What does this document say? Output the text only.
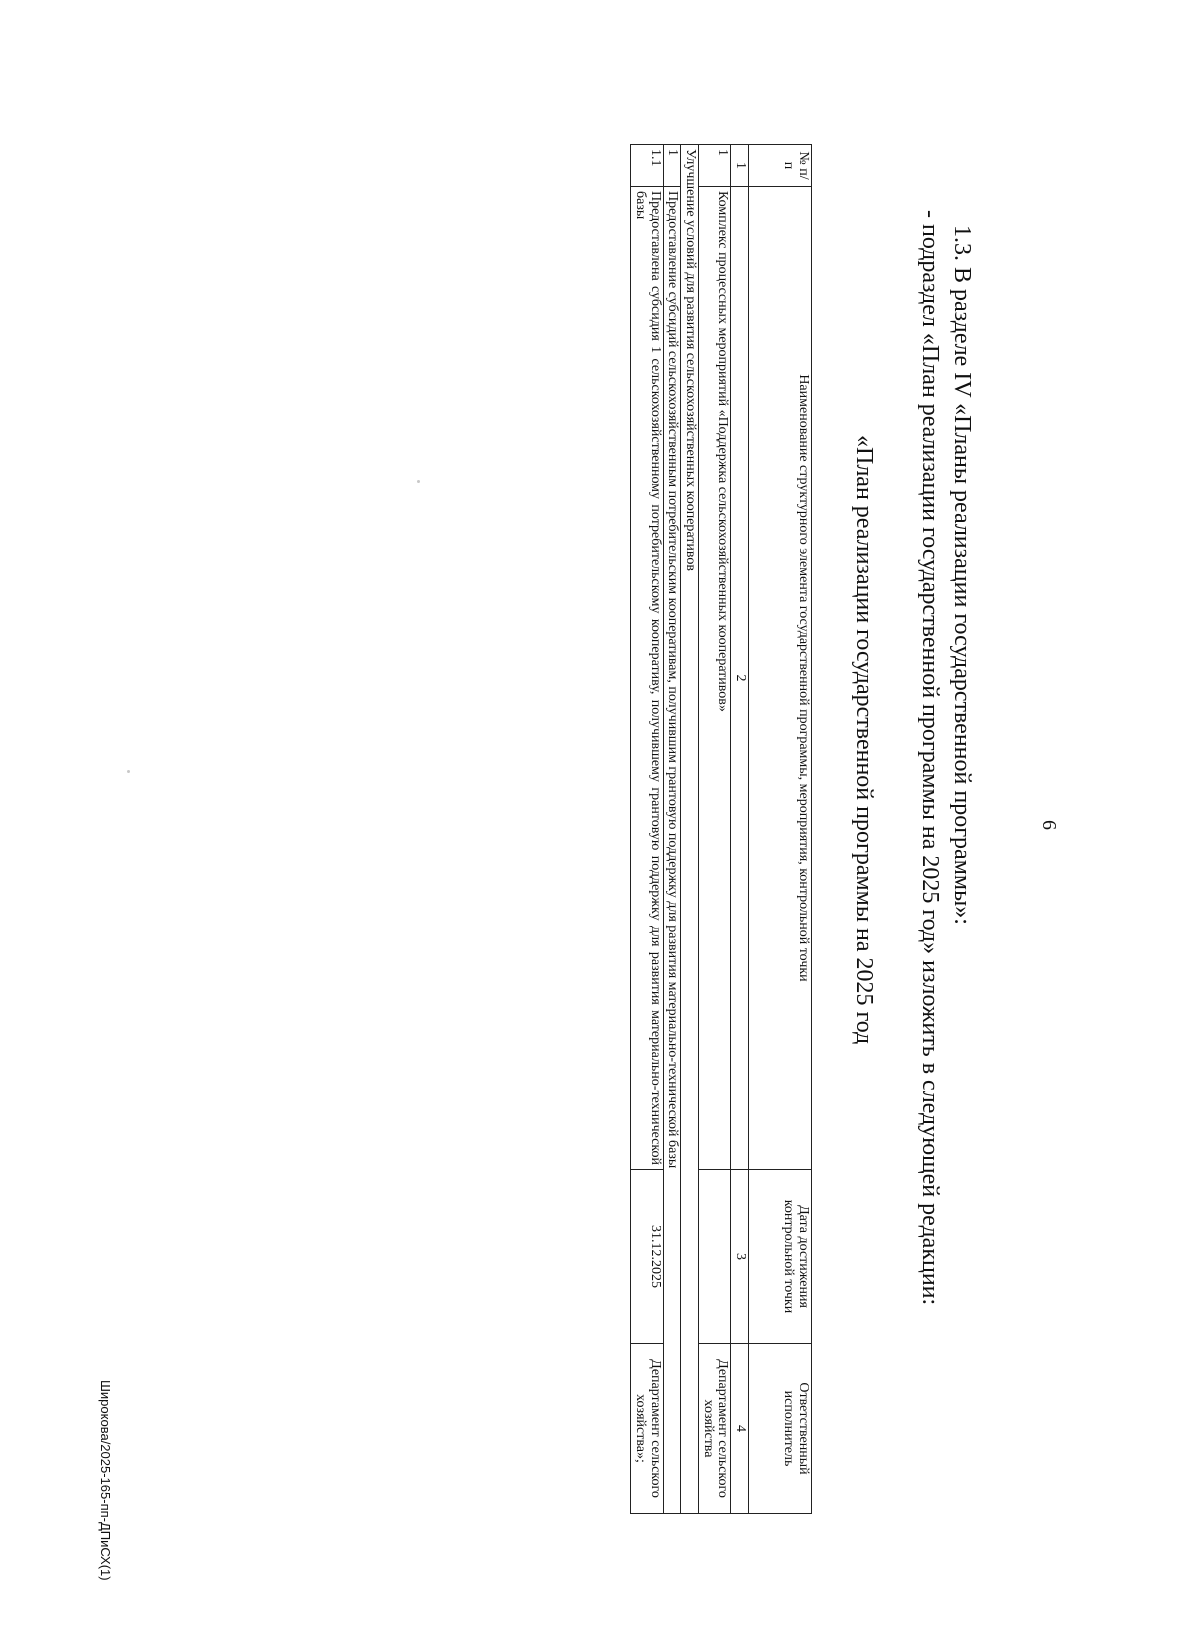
6
1.3. В разделе IV «Планы реализации государственной программы»:
- подраздел «План реализации государственной программы на 2025 год» изложить в следующей редакции:
«План реализации государственной программы на 2025 год
№ п/п	Наименование структурного элемента государственной программы, мероприятия, контрольной точки	Дата достижения контрольной точки	Ответственный исполнитель
1	2	3	4
1	Комплекс процессных мероприятий «Поддержка сельскохозяйственных кооперативов»		Департамент сельского хозяйства
Улучшение условий для развития сельскохозяйственных кооперативов			
1	Предоставление субсидий сельскохозяйственным потребительским кооперативам, получившим грантовую поддержку для развития материально-технической базы		
1.1	Предоставлена субсидия 1 сельскохозяйственному потребительскому кооперативу, получившему грантовую поддержку для развития материально-технической базы	31.12.2025	Департамент сельского хозяйства»;
Широкова/2025-165-пп-ДПиСХ(1)
